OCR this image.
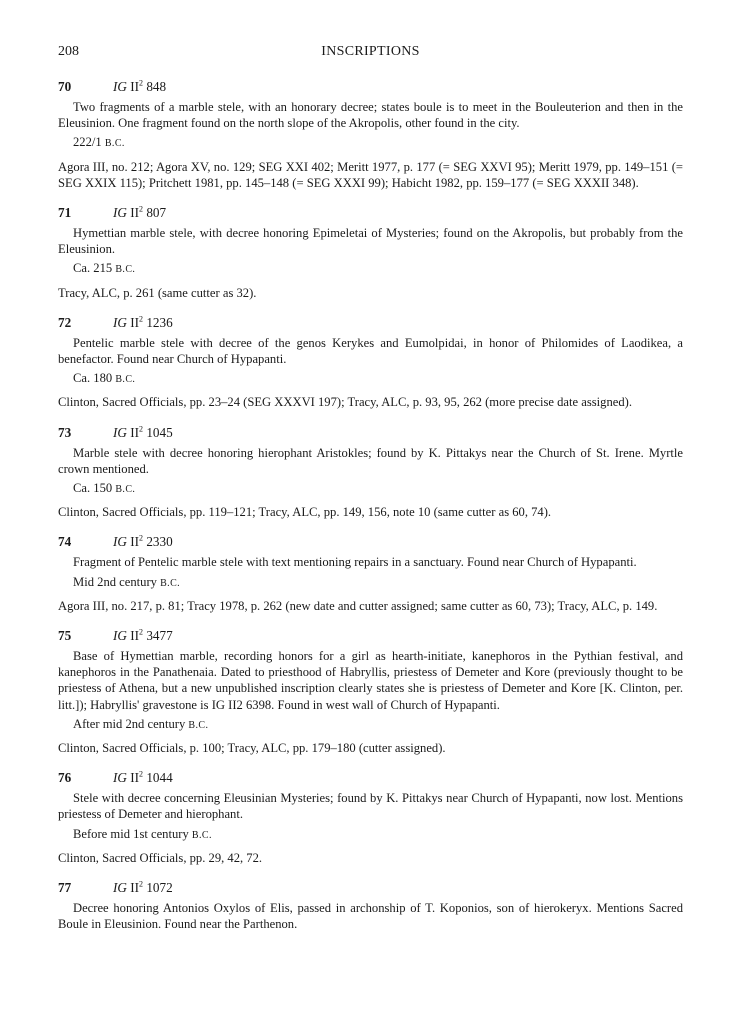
208	INSCRIPTIONS
70	IG $II^2$ 848

Two fragments of a marble stele, with an honorary decree; states boule is to meet in the Bouleuterion and then in the Eleusinion. One fragment found on the north slope of the Akropolis, other found in the city.

222/1 B.C.

Agora III, no. 212; Agora XV, no. 129; SEG XXI 402; Meritt 1977, p. 177 (= SEG XXVI 95); Meritt 1979, pp. 149–151 (= SEG XXIX 115); Pritchett 1981, pp. 145–148 (= SEG XXXI 99); Habicht 1982, pp. 159–177 (= SEG XXXII 348).

71	IG $II^2$ 807

Hymettian marble stele, with decree honoring Epimeletai of Mysteries; found on the Akropolis, but probably from the Eleusinion.

Ca. 215 B.C.

Tracy, ALC, p. 261 (same cutter as 32).

72	IG $II^2$ 1236

Pentelic marble stele with decree of the genos Kerykes and Eumolpidai, in honor of Philomides of Laodikea, a benefactor. Found near Church of Hypapanti.

Ca. 180 B.C.

Clinton, Sacred Officials, pp. 23–24 (SEG XXXVI 197); Tracy, ALC, p. 93, 95, 262 (more precise date assigned).

73	IG $II^2$ 1045

Marble stele with decree honoring hierophant Aristokles; found by K. Pittakys near the Church of St. Irene. Myrtle crown mentioned.

Ca. 150 B.C.

Clinton, Sacred Officials, pp. 119–121; Tracy, ALC, pp. 149, 156, note 10 (same cutter as 60, 74).

74	IG $II^2$ 2330

Fragment of Pentelic marble stele with text mentioning repairs in a sanctuary. Found near Church of Hypapanti.

Mid 2nd century B.C.

Agora III, no. 217, p. 81; Tracy 1978, p. 262 (new date and cutter assigned; same cutter as 60, 73); Tracy, ALC, p. 149.

75	IG $II^2$ 3477

Base of Hymettian marble, recording honors for a girl as hearth-initiate, kanephoros in the Pythian festival, and kanephoros in the Panathenaia. Dated to priesthood of Habryllis, priestess of Demeter and Kore (previously thought to be priestess of Athena, but a new unpublished inscription clearly states she is priestess of Demeter and Kore [K. Clinton, per. litt.]); Habryllis' gravestone is IG II2 6398. Found in west wall of Church of Hypapanti.

After mid 2nd century B.C.

Clinton, Sacred Officials, p. 100; Tracy, ALC, pp. 179–180 (cutter assigned).

76	IG $II^2$ 1044

Stele with decree concerning Eleusinian Mysteries; found by K. Pittakys near Church of Hypapanti, now lost. Mentions priestess of Demeter and hierophant.

Before mid 1st century B.C.

Clinton, Sacred Officials, pp. 29, 42, 72.

77	IG $II^2$ 1072

Decree honoring Antonios Oxylos of Elis, passed in archonship of T. Koponios, son of hierokeryx. Mentions Sacred Boule in Eleusinion. Found near the Parthenon.
